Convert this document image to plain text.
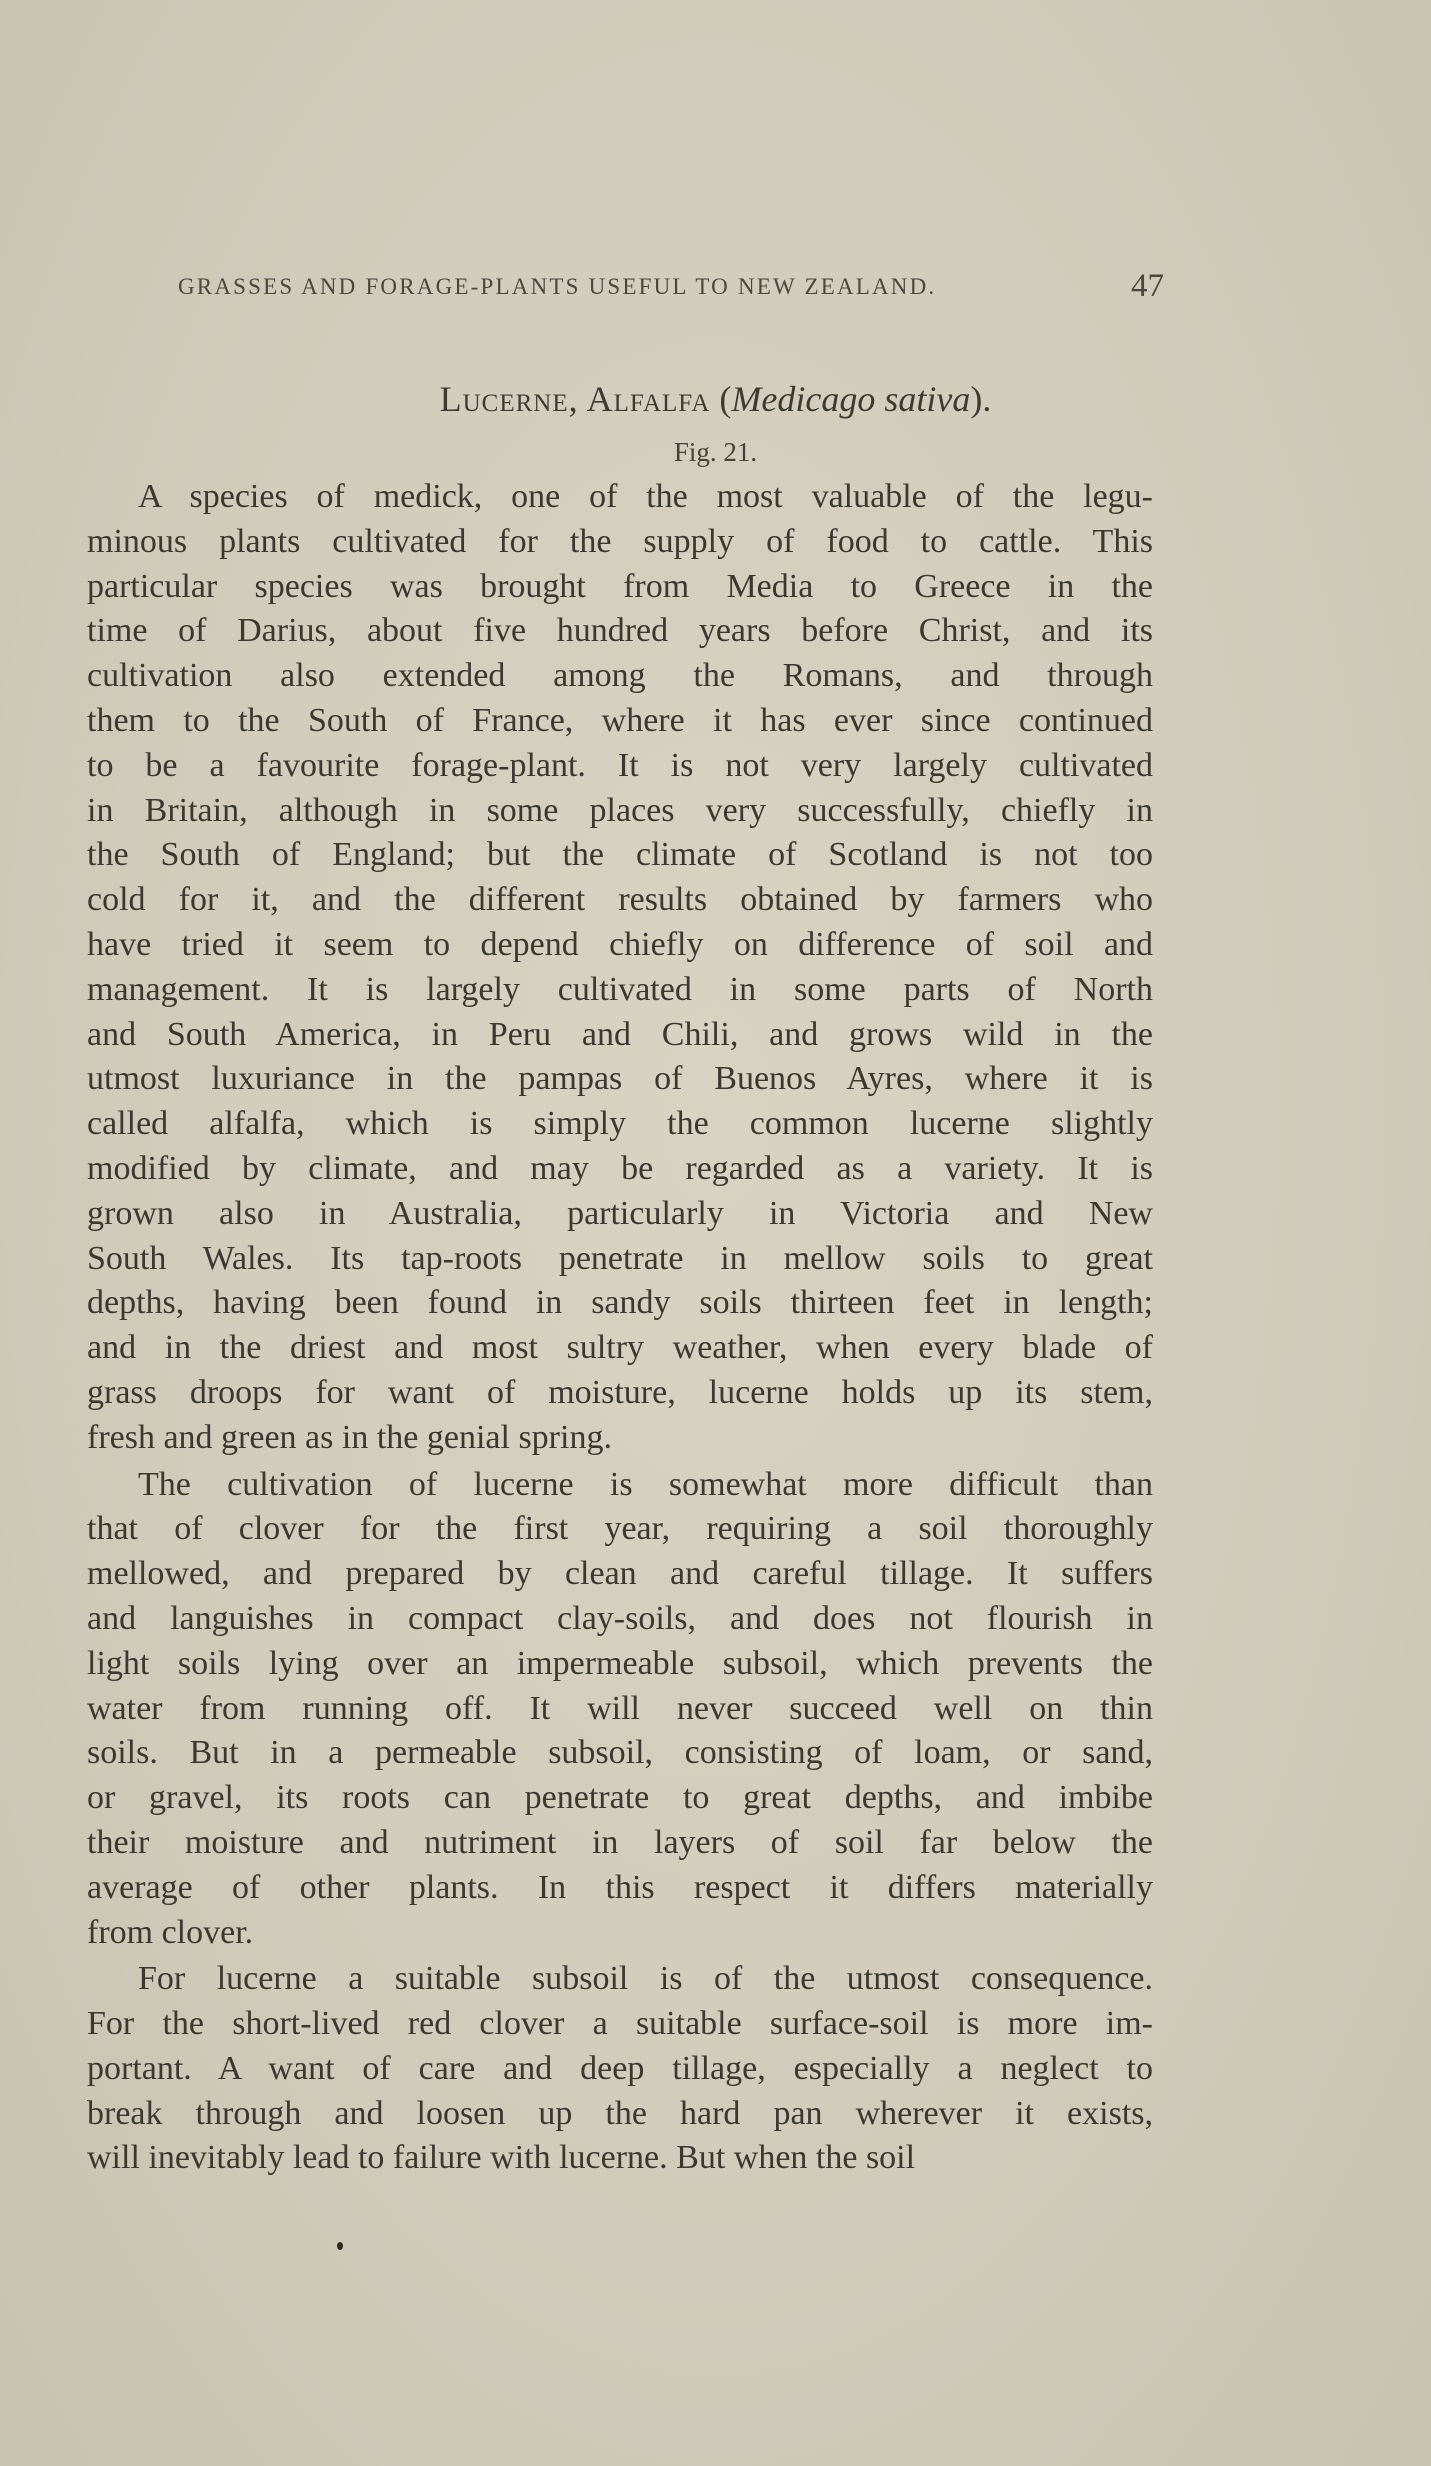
GRASSES AND FORAGE-PLANTS USEFUL TO NEW ZEALAND.	47
Lucerne, Alfalfa (Medicago sativa).
Fig. 21.
  A species of medick, one of the most valuable of the legu-
minous plants cultivated for the supply of food to cattle. This
particular species was brought from Media to Greece in the
time of Darius, about five hundred years before Christ, and its
cultivation also extended among the Romans, and through
them to the South of France, where it has ever since continued
to be a favourite forage-plant. It is not very largely cultivated
in Britain, although in some places very successfully, chiefly in
the South of England; but the climate of Scotland is not too
cold for it, and the different results obtained by farmers who
have tried it seem to depend chiefly on difference of soil and
management. It is largely cultivated in some parts of North
and South America, in Peru and Chili, and grows wild in the
utmost luxuriance in the pampas of Buenos Ayres, where it is
called alfalfa, which is simply the common lucerne slightly
modified by climate, and may be regarded as a variety. It is
grown also in Australia, particularly in Victoria and New
South Wales. Its tap-roots penetrate in mellow soils to great
depths, having been found in sandy soils thirteen feet in length;
and in the driest and most sultry weather, when every blade of
grass droops for want of moisture, lucerne holds up its stem,
fresh and green as in the genial spring.
  The cultivation of lucerne is somewhat more difficult than
that of clover for the first year, requiring a soil thoroughly
mellowed, and prepared by clean and careful tillage. It suffers
and languishes in compact clay-soils, and does not flourish in
light soils lying over an impermeable subsoil, which prevents the
water from running off. It will never succeed well on thin
soils. But in a permeable subsoil, consisting of loam, or sand,
or gravel, its roots can penetrate to great depths, and imbibe
their moisture and nutriment in layers of soil far below the
average of other plants. In this respect it differs materially
from clover.
  For lucerne a suitable subsoil is of the utmost consequence.
For the short-lived red clover a suitable surface-soil is more im-
portant. A want of care and deep tillage, especially a neglect to
break through and loosen up the hard pan wherever it exists,
will inevitably lead to failure with lucerne. But when the soil
